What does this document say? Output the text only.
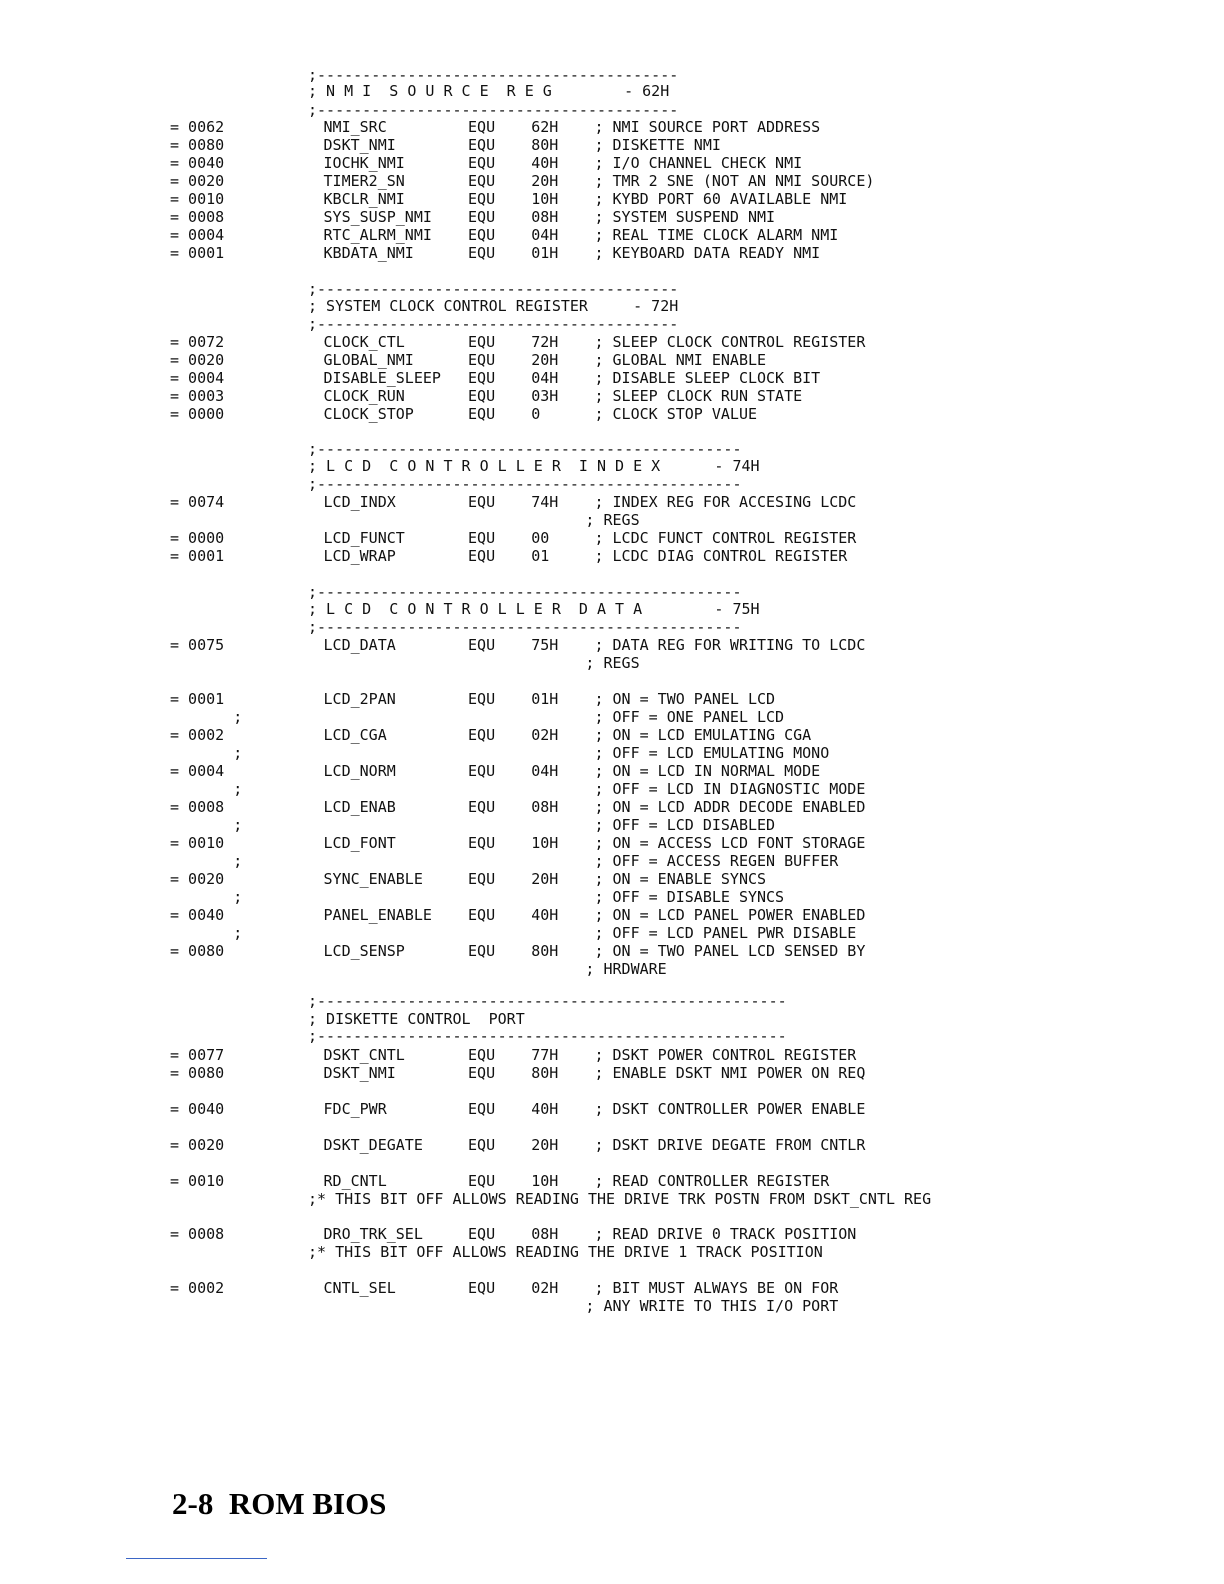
;----------------------------------------
;----------------------------------------
;----------------------------------------
;----------------------------------------
;-----------------------------------------------
;-----------------------------------------------
;-----------------------------------------------
;-----------------------------------------------
;----------------------------------------------------
;----------------------------------------------------
; N M I  S O U R C E  R E G        - 62H
= 0062           NMI_SRC         EQU    62H    ; NMI SOURCE PORT ADDRESS
= 0080           DSKT_NMI        EQU    80H    ; DISKETTE NMI
= 0040           IOCHK_NMI       EQU    40H    ; I/O CHANNEL CHECK NMI
= 0020           TIMER2_SN       EQU    20H    ; TMR 2 SNE (NOT AN NMI SOURCE)
= 0010           KBCLR_NMI       EQU    10H    ; KYBD PORT 60 AVAILABLE NMI
= 0008           SYS_SUSP_NMI    EQU    08H    ; SYSTEM SUSPEND NMI
= 0004           RTC_ALRM_NMI    EQU    04H    ; REAL TIME CLOCK ALARM NMI
= 0001           KBDATA_NMI      EQU    01H    ; KEYBOARD DATA READY NMI
; SYSTEM CLOCK CONTROL REGISTER     - 72H
= 0072           CLOCK_CTL       EQU    72H    ; SLEEP CLOCK CONTROL REGISTER
= 0020           GLOBAL_NMI      EQU    20H    ; GLOBAL NMI ENABLE
= 0004           DISABLE_SLEEP   EQU    04H    ; DISABLE SLEEP CLOCK BIT
= 0003           CLOCK_RUN       EQU    03H    ; SLEEP CLOCK RUN STATE
= 0000           CLOCK_STOP      EQU    0      ; CLOCK STOP VALUE
; L C D  C O N T R O L L E R  I N D E X      - 74H
= 0074           LCD_INDX        EQU    74H    ; INDEX REG FOR ACCESING LCDC
; REGS
= 0000           LCD_FUNCT       EQU    00     ; LCDC FUNCT CONTROL REGISTER
= 0001           LCD_WRAP        EQU    01     ; LCDC DIAG CONTROL REGISTER
; L C D  C O N T R O L L E R  D A T A        - 75H
= 0075           LCD_DATA        EQU    75H    ; DATA REG FOR WRITING TO LCDC
; REGS
= 0001           LCD_2PAN        EQU    01H    ; ON = TWO PANEL LCD
;                                       ; OFF = ONE PANEL LCD
= 0002           LCD_CGA         EQU    02H    ; ON = LCD EMULATING CGA
;                                       ; OFF = LCD EMULATING MONO
= 0004           LCD_NORM        EQU    04H    ; ON = LCD IN NORMAL MODE
;                                       ; OFF = LCD IN DIAGNOSTIC MODE
= 0008           LCD_ENAB        EQU    08H    ; ON = LCD ADDR DECODE ENABLED
;                                       ; OFF = LCD DISABLED
= 0010           LCD_FONT        EQU    10H    ; ON = ACCESS LCD FONT STORAGE
;                                       ; OFF = ACCESS REGEN BUFFER
= 0020           SYNC_ENABLE     EQU    20H    ; ON = ENABLE SYNCS
;                                       ; OFF = DISABLE SYNCS
= 0040           PANEL_ENABLE    EQU    40H    ; ON = LCD PANEL POWER ENABLED
;                                       ; OFF = LCD PANEL PWR DISABLE
= 0080           LCD_SENSP       EQU    80H    ; ON = TWO PANEL LCD SENSED BY
; HRDWARE
; DISKETTE CONTROL  PORT
= 0077           DSKT_CNTL       EQU    77H    ; DSKT POWER CONTROL REGISTER
= 0080           DSKT_NMI        EQU    80H    ; ENABLE DSKT NMI POWER ON REQ
= 0040           FDC_PWR         EQU    40H    ; DSKT CONTROLLER POWER ENABLE
= 0020           DSKT_DEGATE     EQU    20H    ; DSKT DRIVE DEGATE FROM CNTLR
= 0010           RD_CNTL         EQU    10H    ; READ CONTROLLER REGISTER
;* THIS BIT OFF ALLOWS READING THE DRIVE TRK POSTN FROM DSKT_CNTL REG
= 0008           DRO_TRK_SEL     EQU    08H    ; READ DRIVE 0 TRACK POSITION
;* THIS BIT OFF ALLOWS READING THE DRIVE 1 TRACK POSITION
= 0002           CNTL_SEL        EQU    02H    ; BIT MUST ALWAYS BE ON FOR
; ANY WRITE TO THIS I/O PORT
2-8  ROM BIOS
